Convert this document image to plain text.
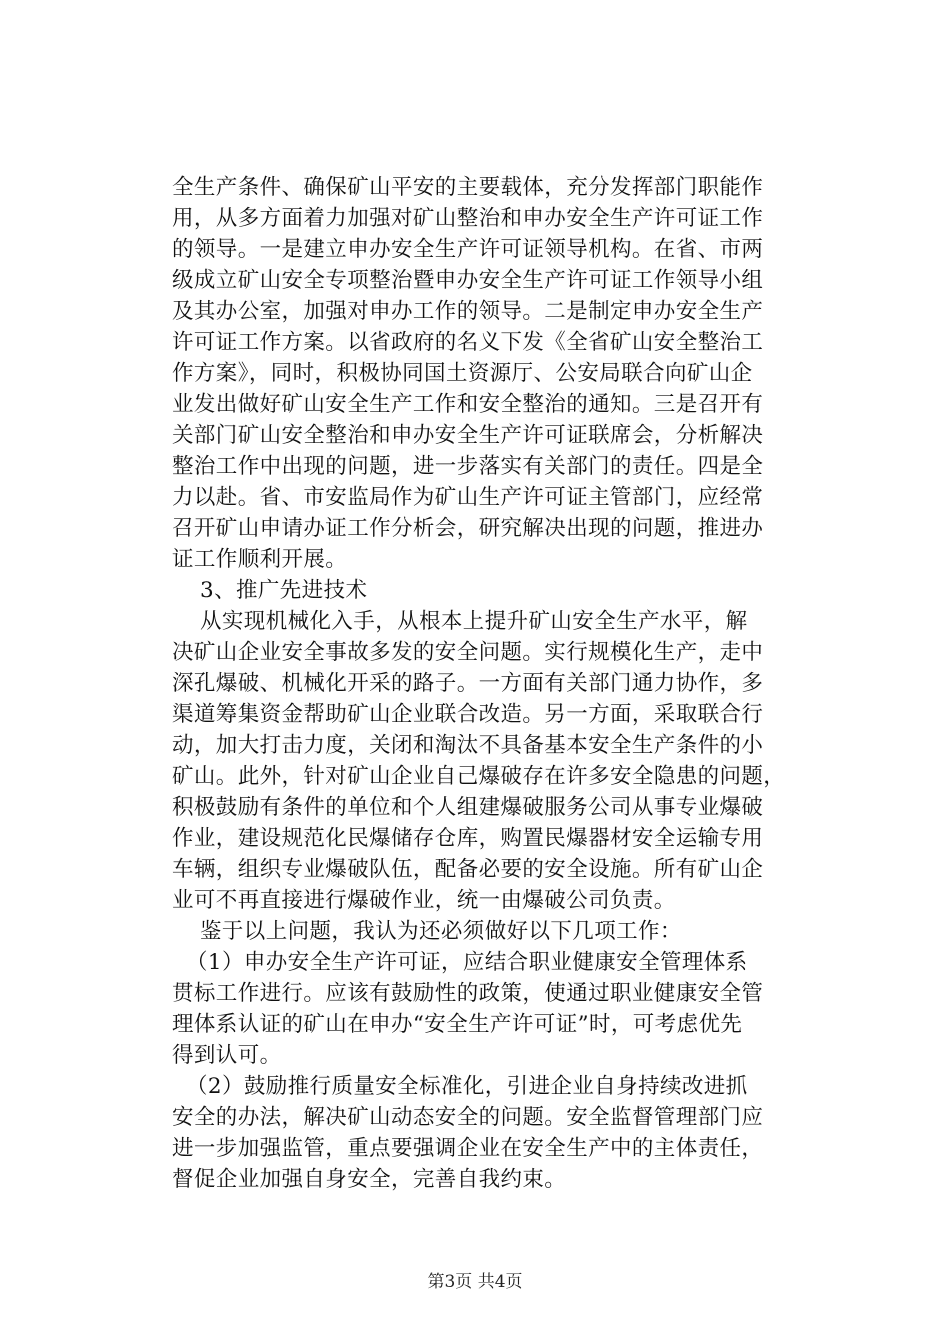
全生产条件、确保矿山平安的主要载体，充分发挥部门职能作
用，从多方面着力加强对矿山整治和申办安全生产许可证工作
的领导。一是建立申办安全生产许可证领导机构。在省、市两
级成立矿山安全专项整治暨申办安全生产许可证工作领导小组
及其办公室，加强对申办工作的领导。二是制定申办安全生产
许可证工作方案。以省政府的名义下发《全省矿山安全整治工
作方案》，同时，积极协同国土资源厅、公安局联合向矿山企
业发出做好矿山安全生产工作和安全整治的通知。三是召开有
关部门矿山安全整治和申办安全生产许可证联席会，分析解决
整治工作中出现的问题，进一步落实有关部门的责任。四是全
力以赴。省、市安监局作为矿山生产许可证主管部门，应经常
召开矿山申请办证工作分析会，研究解决出现的问题，推进办
证工作顺利开展。
3、推广先进技术
从实现机械化入手，从根本上提升矿山安全生产水平，解
决矿山企业安全事故多发的安全问题。实行规模化生产，走中
深孔爆破、机械化开采的路子。一方面有关部门通力协作，多
渠道筹集资金帮助矿山企业联合改造。另一方面，采取联合行
动，加大打击力度，关闭和淘汰不具备基本安全生产条件的小
矿山。此外，针对矿山企业自己爆破存在许多安全隐患的问题，
积极鼓励有条件的单位和个人组建爆破服务公司从事专业爆破
作业，建设规范化民爆储存仓库，购置民爆器材安全运输专用
车辆，组织专业爆破队伍，配备必要的安全设施。所有矿山企
业可不再直接进行爆破作业，统一由爆破公司负责。
鉴于以上问题，我认为还必须做好以下几项工作：
（1）申办安全生产许可证，应结合职业健康安全管理体系
贯标工作进行。应该有鼓励性的政策，使通过职业健康安全管
理体系认证的矿山在申办“安全生产许可证”时，可考虑优先
得到认可。
（2）鼓励推行质量安全标准化，引进企业自身持续改进抓
安全的办法，解决矿山动态安全的问题。安全监督管理部门应
进一步加强监管，重点要强调企业在安全生产中的主体责任，
督促企业加强自身安全，完善自我约束。
第3页 共4页
